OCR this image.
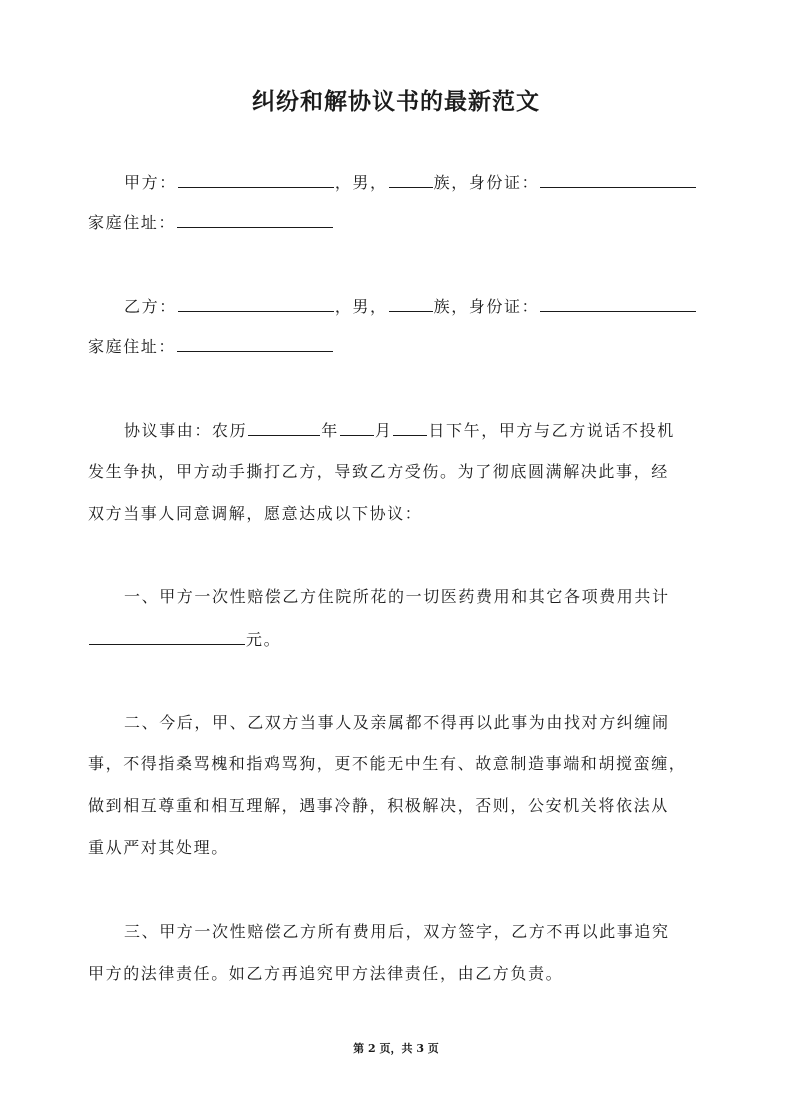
纠纷和解协议书的最新范文
甲方：	，男，	族，身份证：
家庭住址：
乙方：	，男，	族，身份证：
家庭住址：
协议事由：农历	年 月 日下午，甲方与乙方说话不投机
发生争执，甲方动手撕打乙方，导致乙方受伤。为了彻底圆满解决此事，经
双方当事人同意调解，愿意达成以下协议：
一、甲方一次性赔偿乙方住院所花的一切医药费用和其它各项费用共计
元。
二、今后，甲、乙双方当事人及亲属都不得再以此事为由找对方纠缠闹
事，不得指桑骂槐和指鸡骂狗，更不能无中生有、故意制造事端和胡搅蛮缠，
做到相互尊重和相互理解，遇事冷静，积极解决，否则，公安机关将依法从
重从严对其处理。
三、甲方一次性赔偿乙方所有费用后，双方签字，乙方不再以此事追究
甲方的法律责任。如乙方再追究甲方法律责任，由乙方负责。
第 2 页，共 3 页
